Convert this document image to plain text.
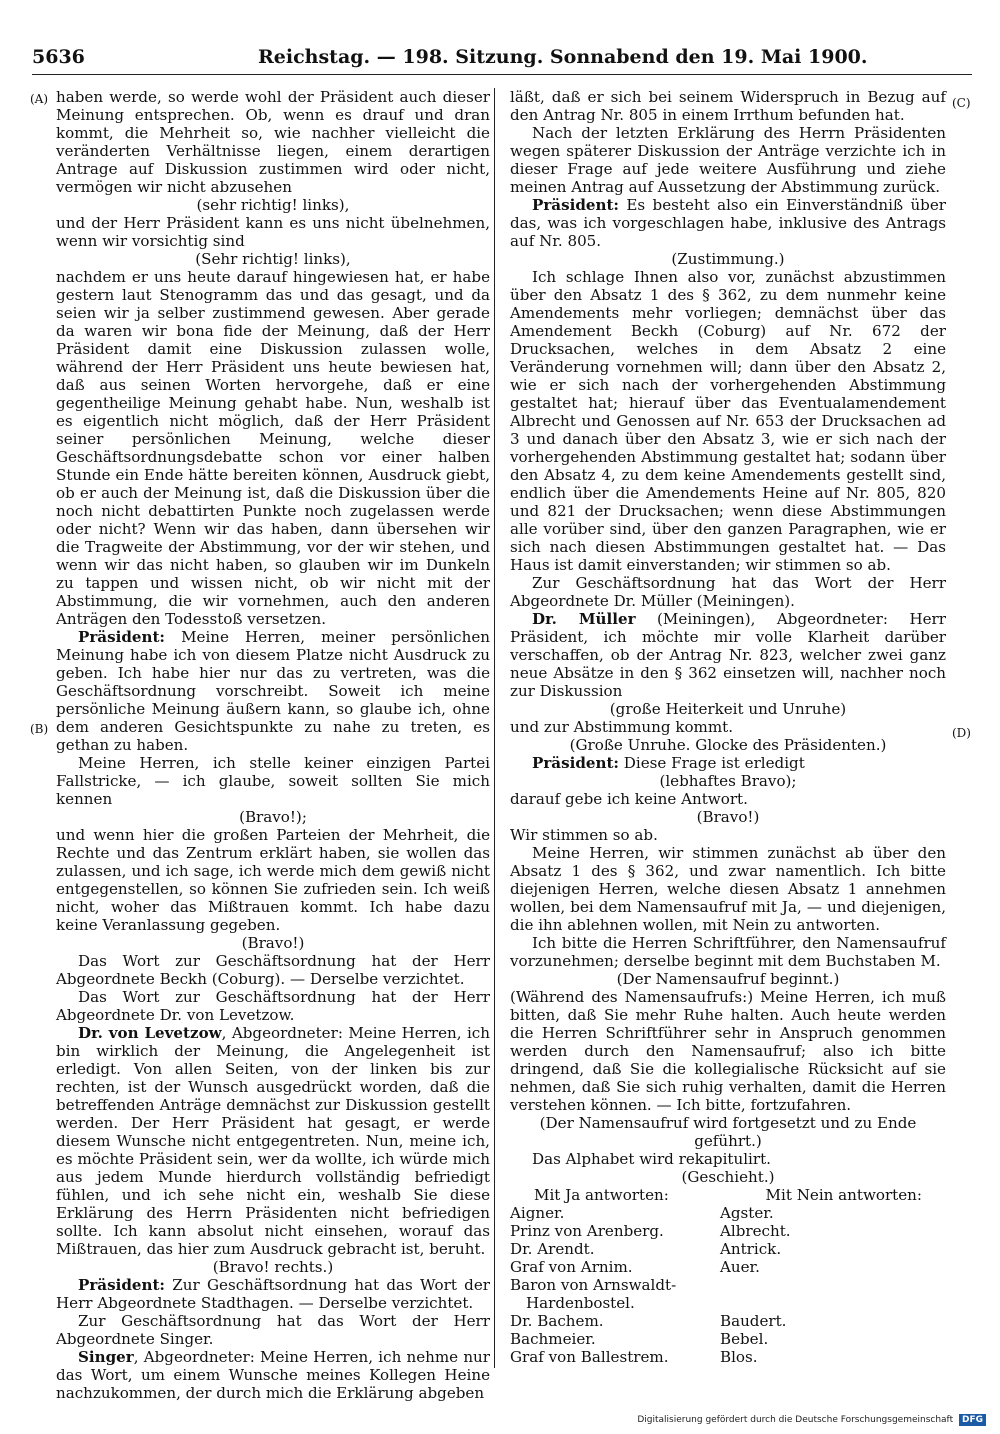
5636	Reichstag. — 198. Sitzung. Sonnabend den 19. Mai 1900.
(A)
(B)
(C)
(D)

haben werde, so werde wohl der Präsident auch dieser Meinung entsprechen. Ob, wenn es drauf und dran kommt, die Mehrheit so, wie nachher vielleicht die veränderten Verhältnisse liegen, einem derartigen Antrage auf Diskussion zustimmen wird oder nicht, vermögen wir nicht abzusehen

(sehr richtig! links),

und der Herr Präsident kann es uns nicht übelnehmen, wenn wir vorsichtig sind

(Sehr richtig! links),

nachdem er uns heute darauf hingewiesen hat, er habe gestern laut Stenogramm das und das gesagt, und da seien wir ja selber zustimmend gewesen. Aber gerade da waren wir bona fide der Meinung, daß der Herr Präsident damit eine Diskussion zulassen wolle, während der Herr Präsident uns heute bewiesen hat, daß aus seinen Worten hervorgehe, daß er eine gegentheilige Meinung gehabt habe. Nun, weshalb ist es eigentlich nicht möglich, daß der Herr Präsident seiner persönlichen Meinung, welche dieser Geschäftsordnungsdebatte schon vor einer halben Stunde ein Ende hätte bereiten können, Ausdruck giebt, ob er auch der Meinung ist, daß die Diskussion über die noch nicht debattirten Punkte noch zugelassen werde oder nicht? Wenn wir das haben, dann übersehen wir die Tragweite der Abstimmung, vor der wir stehen, und wenn wir das nicht haben, so glauben wir im Dunkeln zu tappen und wissen nicht, ob wir nicht mit der Abstimmung, die wir vornehmen, auch den anderen Anträgen den Todesstoß versetzen.

Präsident: Meine Herren, meiner persönlichen Meinung habe ich von diesem Platze nicht Ausdruck zu geben. Ich habe hier nur das zu vertreten, was die Geschäftsordnung vorschreibt. Soweit ich meine persönliche Meinung äußern kann, so glaube ich, ohne dem anderen Gesichtspunkte zu nahe zu treten, es gethan zu haben.

Meine Herren, ich stelle keiner einzigen Partei Fallstricke, — ich glaube, soweit sollten Sie mich kennen

(Bravo!);

und wenn hier die großen Parteien der Mehrheit, die Rechte und das Zentrum erklärt haben, sie wollen das zulassen, und ich sage, ich werde mich dem gewiß nicht entgegenstellen, so können Sie zufrieden sein. Ich weiß nicht, woher das Mißtrauen kommt. Ich habe dazu keine Veranlassung gegeben.

(Bravo!)

Das Wort zur Geschäftsordnung hat der Herr Abgeordnete Beckh (Coburg). — Derselbe verzichtet.

Das Wort zur Geschäftsordnung hat der Herr Abgeordnete Dr. von Levetzow.

Dr. von Levetzow, Abgeordneter: Meine Herren, ich bin wirklich der Meinung, die Angelegenheit ist erledigt. Von allen Seiten, von der linken bis zur rechten, ist der Wunsch ausgedrückt worden, daß die betreffenden Anträge demnächst zur Diskussion gestellt werden. Der Herr Präsident hat gesagt, er werde diesem Wunsche nicht entgegentreten. Nun, meine ich, es möchte Präsident sein, wer da wollte, ich würde mich aus jedem Munde hierdurch vollständig befriedigt fühlen, und ich sehe nicht ein, weshalb Sie diese Erklärung des Herrn Präsidenten nicht befriedigen sollte. Ich kann absolut nicht einsehen, worauf das Mißtrauen, das hier zum Ausdruck gebracht ist, beruht.

(Bravo! rechts.)

Präsident: Zur Geschäftsordnung hat das Wort der Herr Abgeordnete Stadthagen. — Derselbe verzichtet.

Zur Geschäftsordnung hat das Wort der Herr Abgeordnete Singer.

Singer, Abgeordneter: Meine Herren, ich nehme nur das Wort, um einem Wunsche meines Kollegen Heine nachzukommen, der durch mich die Erklärung abgeben

läßt, daß er sich bei seinem Widerspruch in Bezug auf den Antrag Nr. 805 in einem Irrthum befunden hat.

Nach der letzten Erklärung des Herrn Präsidenten wegen späterer Diskussion der Anträge verzichte ich in dieser Frage auf jede weitere Ausführung und ziehe meinen Antrag auf Aussetzung der Abstimmung zurück.

Präsident: Es besteht also ein Einverständniß über das, was ich vorgeschlagen habe, inklusive des Antrags auf Nr. 805.

(Zustimmung.)

Ich schlage Ihnen also vor, zunächst abzustimmen über den Absatz 1 des § 362, zu dem nunmehr keine Amendements mehr vorliegen; demnächst über das Amendement Beckh (Coburg) auf Nr. 672 der Drucksachen, welches in dem Absatz 2 eine Veränderung vornehmen will; dann über den Absatz 2, wie er sich nach der vorhergehenden Abstimmung gestaltet hat; hierauf über das Eventualamendement Albrecht und Genossen auf Nr. 653 der Drucksachen ad 3 und danach über den Absatz 3, wie er sich nach der vorhergehenden Abstimmung gestaltet hat; sodann über den Absatz 4, zu dem keine Amendements gestellt sind, endlich über die Amendements Heine auf Nr. 805, 820 und 821 der Drucksachen; wenn diese Abstimmungen alle vorüber sind, über den ganzen Paragraphen, wie er sich nach diesen Abstimmungen gestaltet hat. — Das Haus ist damit einverstanden; wir stimmen so ab.

Zur Geschäftsordnung hat das Wort der Herr Abgeordnete Dr. Müller (Meiningen).

Dr. Müller (Meiningen), Abgeordneter: Herr Präsident, ich möchte mir volle Klarheit darüber verschaffen, ob der Antrag Nr. 823, welcher zwei ganz neue Absätze in den § 362 einsetzen will, nachher noch zur Diskussion

(große Heiterkeit und Unruhe)

und zur Abstimmung kommt.

(Große Unruhe. Glocke des Präsidenten.)

Präsident: Diese Frage ist erledigt

(lebhaftes Bravo);

darauf gebe ich keine Antwort.

(Bravo!)

Wir stimmen so ab.

Meine Herren, wir stimmen zunächst ab über den Absatz 1 des § 362, und zwar namentlich. Ich bitte diejenigen Herren, welche diesen Absatz 1 annehmen wollen, bei dem Namensaufruf mit Ja, — und diejenigen, die ihn ablehnen wollen, mit Nein zu antworten.

Ich bitte die Herren Schriftführer, den Namensaufruf vorzunehmen; derselbe beginnt mit dem Buchstaben M.

(Der Namensaufruf beginnt.)

(Während des Namensaufrufs:) Meine Herren, ich muß bitten, daß Sie mehr Ruhe halten. Auch heute werden die Herren Schriftführer sehr in Anspruch genommen werden durch den Namensaufruf; also ich bitte dringend, daß Sie die kollegialische Rücksicht auf sie nehmen, daß Sie sich ruhig verhalten, damit die Herren verstehen können. — Ich bitte, fortzufahren.

(Der Namensaufruf wird fortgesetzt und zu Ende geführt.)

Das Alphabet wird rekapitulirt.

(Geschieht.)

Mit Ja antworten:	Mit Nein antworten:

Aigner.	Agster.

Prinz von Arenberg.	Albrecht.

Dr. Arendt.	Antrick.

Graf von Arnim.	Auer.

Baron von Arnswaldt-

Hardenbostel.

Dr. Bachem.	Baudert.

Bachmeier.	Bebel.

Graf von Ballestrem.	Blos.

Digitalisierung gefördert durch die Deutsche Forschungsgemeinschaft DFG
